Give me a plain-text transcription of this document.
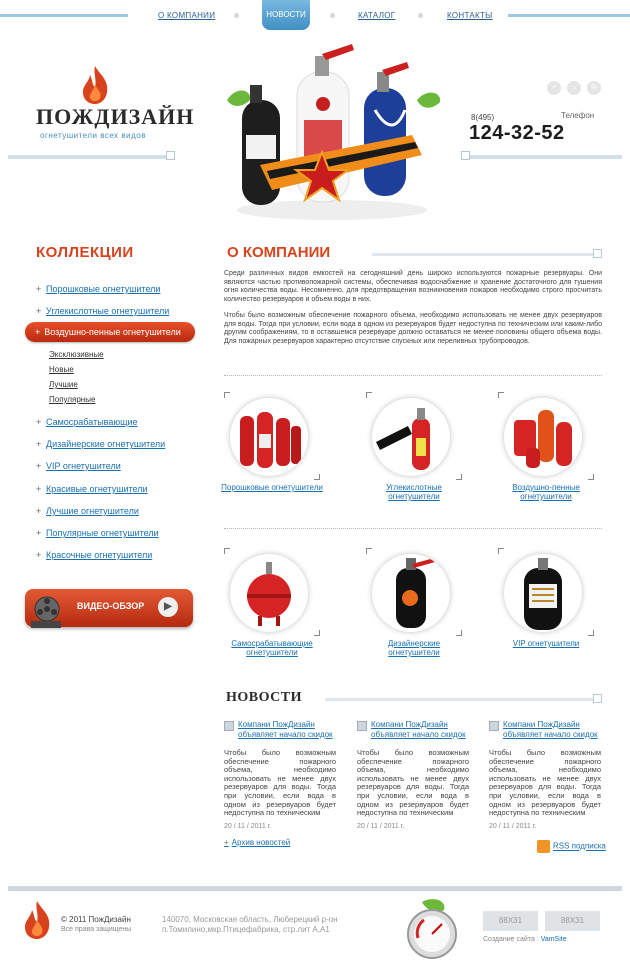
О КОМПАНИИ	НОВОСТИ	КАТАЛОГ	КОНТАКТЫ
ПОЖДИЗАЙН
огнетушители всех видов
+ ⌂ ✉
Телефон
8(495)
124-32-52
КОЛЛЕКЦИИ
+ Порошковые огнетушители
+ Углекислотные огнетушители
+ Воздушно-пенные огнетушители
Эксклюзивные
Новые
Лучшие
Популярные
+ Самосрабатывающие
+ Дизайнерские огнетушители
+ VIP огнетушители
+ Красивые огнетушители
+ Лучшие огнетушители
+ Популярные огнетушители
+ Красочные огнетушители
ВИДЕО-ОБЗОР	▶
О КОМПАНИИ
Среди различных видов емкостей на сегодняшний день широко используются пожарные резервуары. Они являются частью противопожарной системы, обеспечивая водоснабжение и хранение достаточного для тушения огня количества воды. Несомненно, для предотвращения возникновения пожаров необходимо строго просчитать количество резервуаров и объем воды в них.
Чтобы было возможным обеспечение пожарного объема, необходимо использовать не менее двух резервуаров для воды. Тогда при условии, если вода в одном из резервуаров будет недоступна по техническим или каким-либо другим соображениям, то в оставшемся резервуаре должно оставаться не менее половины общего объема воды. Для пожарных резервуаров характерно отсутствие спускных или переливных трубопроводов.
Порошковые огнетушители	Углекислотные огнетушители
Воздушно-пенные огнетушители
Самосрабатывающие огнетушители
Дизайнерские огнетушители
VIP огнетушители
НОВОСТИ
Компани ПожДизайн объявляет начало скидок
Чтобы было возможным обеспечение пожарного объема, необходимо использовать не менее двух резервуаров для воды. Тогда при условии, если вода в одном из резервуаров будет недоступна по техническим
20 / 11 / 2011 г.
Компани ПожДизайн объявляет начало скидок
Чтобы было возможным обеспечение пожарного объема, необходимо использовать не менее двух резервуаров для воды. Тогда при условии, если вода в одном из резервуаров будет недоступна по техническим
20 / 11 / 2011 г.
Компани ПожДизайн объявляет начало скидок
Чтобы было возможным обеспечение пожарного объема, необходимо использовать не менее двух резервуаров для воды. Тогда при условии, если вода в одном из резервуаров будет недоступна по техническим
20 / 11 / 2011 г.
+ Архив новостей	RSS подписка
© 2011 ПожДизайн
Все права защищены
140070, Московская область, Люберецкий р-он п.Томилино,мкр.Птицефабрика, стр.лит А,А1
88X31	88X31
Создание сайта : VamSite
